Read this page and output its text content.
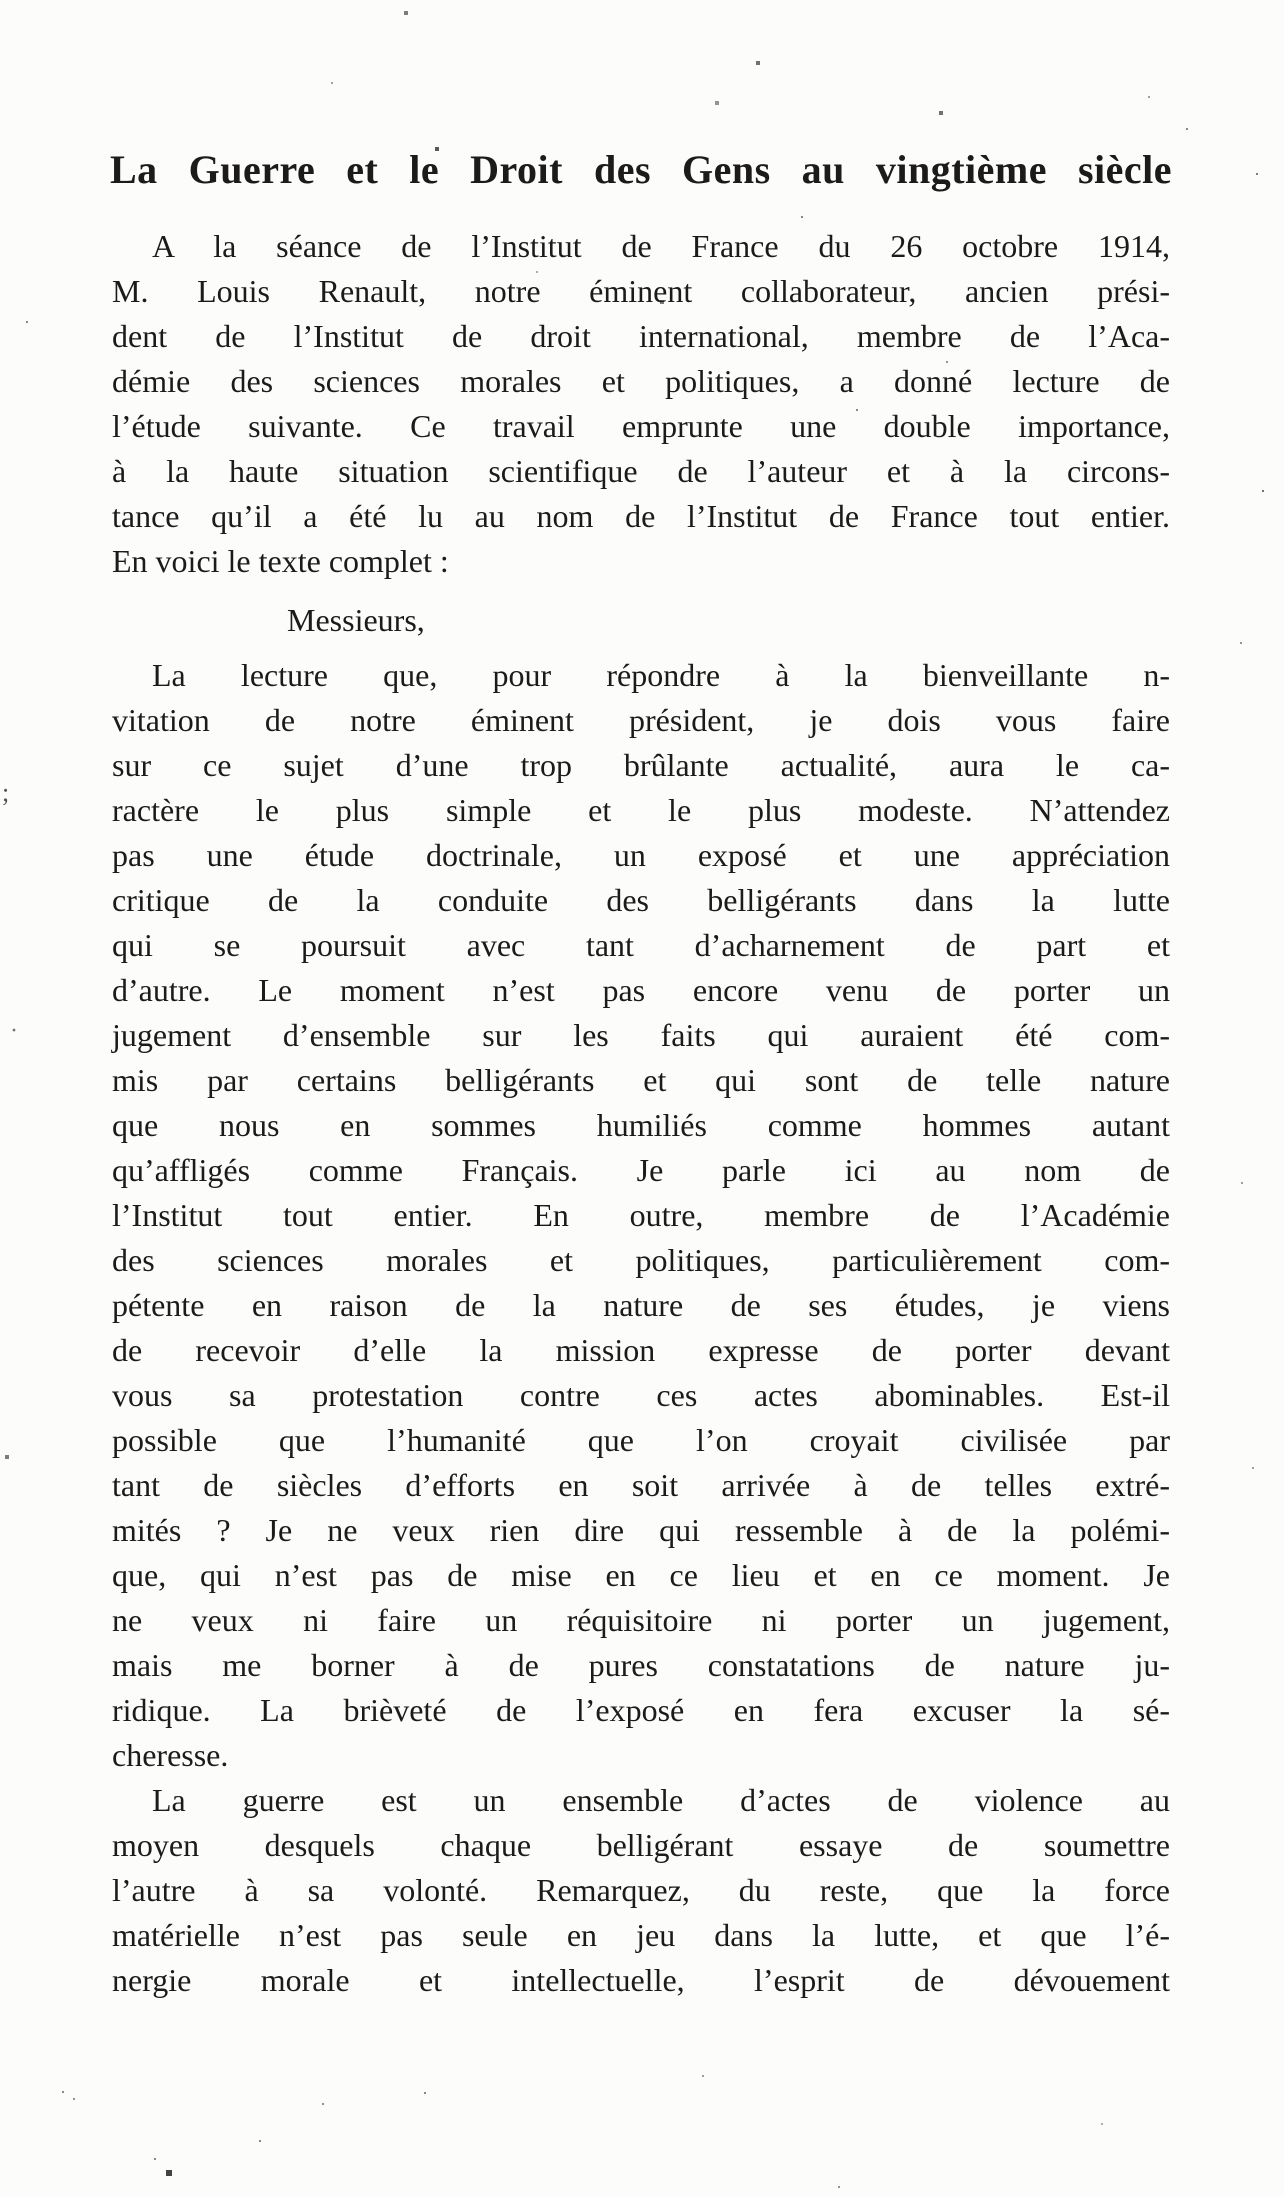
;
·
La Guerre et le Droit des Gens au vingtième siècle
A la séance de l’Institut de France du 26 octobre 1914,
M. Louis Renault, notre éminent collaborateur, ancien prési-
dent de l’Institut de droit international, membre de l’Aca-
démie des sciences morales et politiques, a donné lecture de
l’étude suivante. Ce travail emprunte une double importance,
à la haute situation scientifique de l’auteur et à la circons-
tance qu’il a été lu au nom de l’Institut de France tout entier.
En voici le texte complet :
Messieurs,
La lecture que, pour répondre à la bienveillante n-
vitation de notre éminent président, je dois vous faire
sur ce sujet d’une trop brûlante actualité, aura le ca-
ractère le plus simple et le plus modeste. N’attendez
pas une étude doctrinale, un exposé et une appréciation
critique de la conduite des belligérants dans la lutte
qui se poursuit avec tant d’acharnement de part et
d’autre. Le moment n’est pas encore venu de porter un
jugement d’ensemble sur les faits qui auraient été com-
mis par certains belligérants et qui sont de telle nature
que nous en sommes humiliés comme hommes autant
qu’affligés comme Français. Je parle ici au nom de
l’Institut tout entier. En outre, membre de l’Académie
des sciences morales et politiques, particulièrement com-
pétente en raison de la nature de ses études, je viens
de recevoir d’elle la mission expresse de porter devant
vous sa protestation contre ces actes abominables. Est-il
possible que l’humanité que l’on croyait civilisée par
tant de siècles d’efforts en soit arrivée à de telles extré-
mités ? Je ne veux rien dire qui ressemble à de la polémi-
que, qui n’est pas de mise en ce lieu et en ce moment. Je
ne veux ni faire un réquisitoire ni porter un jugement,
mais me borner à de pures constatations de nature ju-
ridique. La brièveté de l’exposé en fera excuser la sé-
cheresse.
La guerre est un ensemble d’actes de violence au
moyen desquels chaque belligérant essaye de soumettre
l’autre à sa volonté. Remarquez, du reste, que la force
matérielle n’est pas seule en jeu dans la lutte, et que l’é-
nergie morale et intellectuelle, l’esprit de dévouement
